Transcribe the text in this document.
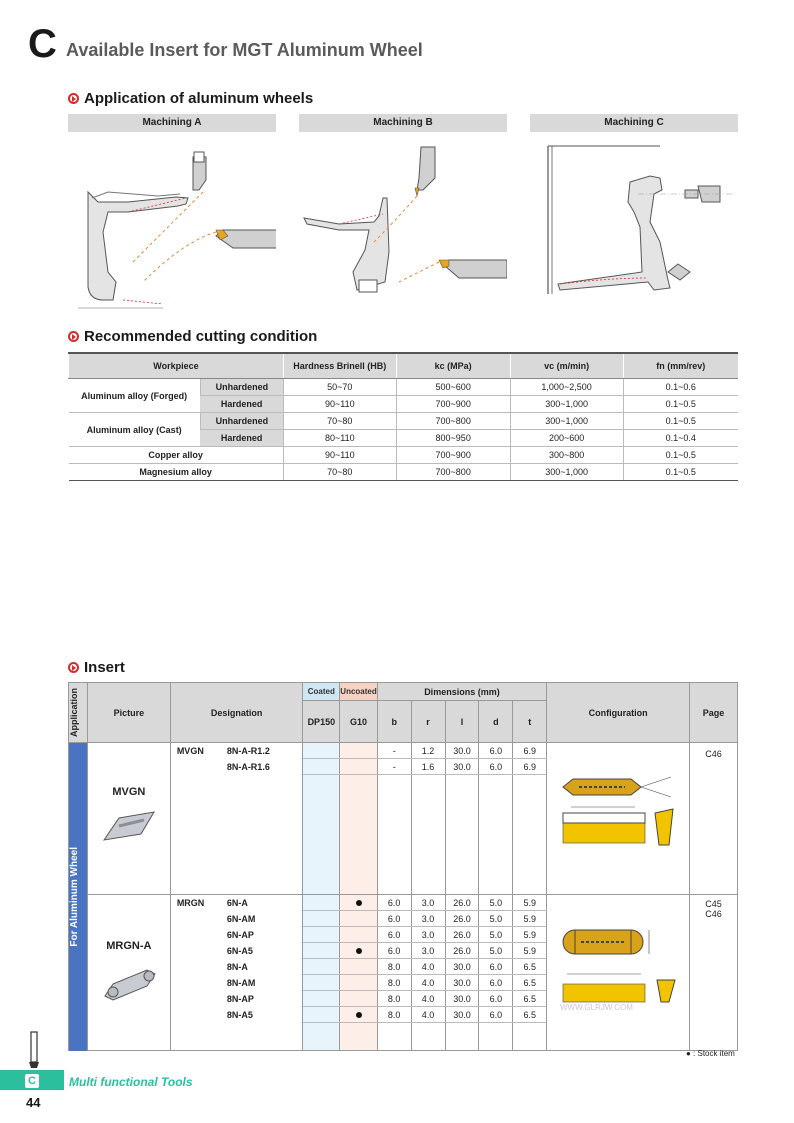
C Available Insert for MGT Aluminum Wheel
Application of aluminum wheels
Machining A	Machining B	Machining C
Recommended cutting condition
Workpiece		Hardness Brinell (HB)	kc (MPa)	vc (m/min)	fn (mm/rev)
Aluminum alloy (Forged)	Unhardened	50~70	500~600	1,000~2,500	0.1~0.6
	Hardened	90~110	700~900	300~1,000	0.1~0.5
Aluminum alloy (Cast)	Unhardened	70~80	700~800	300~1,000	0.1~0.5
	Hardened	80~110	800~950	200~600	0.1~0.4
Copper alloy		90~110	700~900	300~800	0.1~0.5
Magnesium alloy		70~80	700~800	300~1,000	0.1~0.5
Insert
Application	Picture	Designation	Coated	Uncoated	Dimensions (mm)					Configuration	Page
			DP150	G10	b	r	l	d	t		

For Aluminum Wheel	MVGN	MVGN 8N-A-R1.2			-	1.2	30.0	6.0	6.9		C46

		8N-A-R1.6			-	1.6	30.0	6.0	6.9		

	MRGN-A	MRGN 6N-A			6.0	3.0	26.0	5.0	5.9		C45
C46

		6N-AM			6.0	3.0	26.0	5.0	5.9		
		6N-AP			6.0	3.0	26.0	5.0	5.9		
		6N-A5			6.0	3.0	26.0	5.0	5.9		
		8N-A			8.0	4.0	30.0	6.0	6.5		
		8N-AM			8.0	4.0	30.0	6.0	6.5		
		8N-AP			8.0	4.0	30.0	6.0	6.5		
		8N-A5			8.0	4.0	30.0	6.0	6.5		

● : Stock item
WWW.GLRJW.COM
C	Multi functional Tools
44
